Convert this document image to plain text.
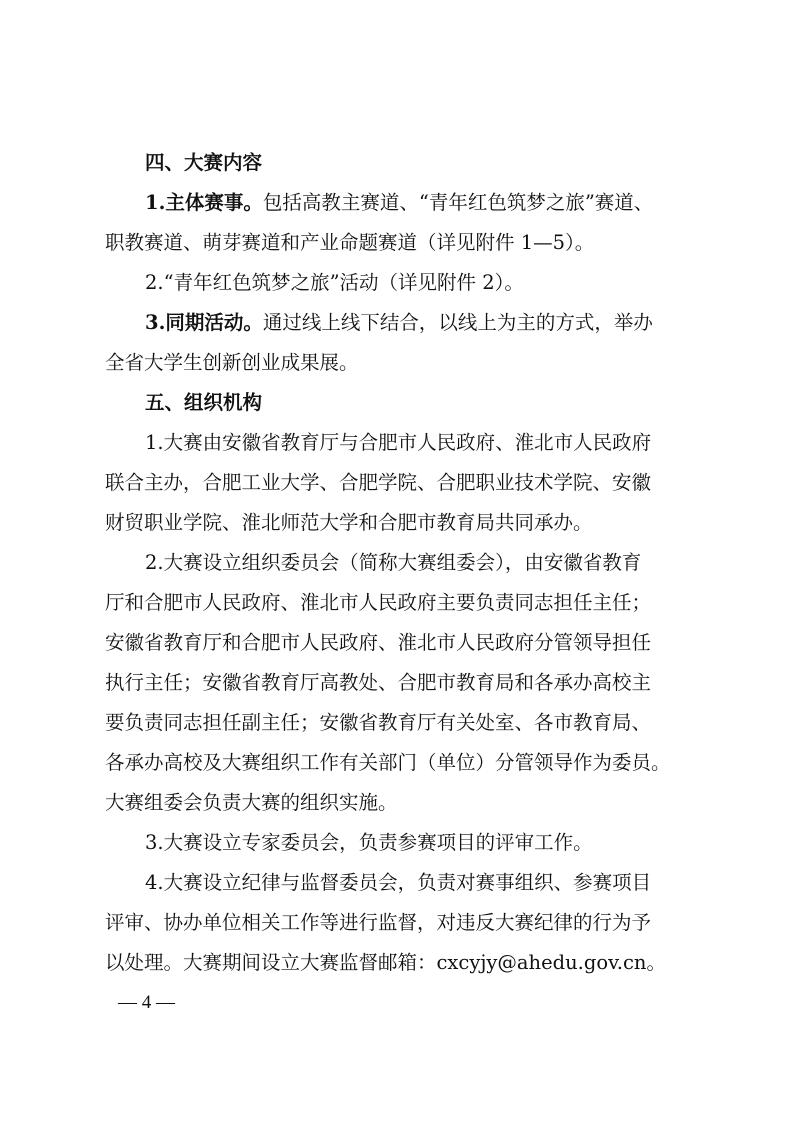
四、大赛内容
1.主体赛事。包括高教主赛道、“青年红色筑梦之旅”赛道、
职教赛道、萌芽赛道和产业命题赛道（详见附件 1—5）。
2.“青年红色筑梦之旅”活动（详见附件 2）。
3.同期活动。通过线上线下结合，以线上为主的方式，举办
全省大学生创新创业成果展。
五、组织机构
1.大赛由安徽省教育厅与合肥市人民政府、淮北市人民政府
联合主办，合肥工业大学、合肥学院、合肥职业技术学院、安徽
财贸职业学院、淮北师范大学和合肥市教育局共同承办。
2.大赛设立组织委员会（简称大赛组委会），由安徽省教育
厅和合肥市人民政府、淮北市人民政府主要负责同志担任主任；
安徽省教育厅和合肥市人民政府、淮北市人民政府分管领导担任
执行主任；安徽省教育厅高教处、合肥市教育局和各承办高校主
要负责同志担任副主任；安徽省教育厅有关处室、各市教育局、
各承办高校及大赛组织工作有关部门（单位）分管领导作为委员。
大赛组委会负责大赛的组织实施。
3.大赛设立专家委员会，负责参赛项目的评审工作。
4.大赛设立纪律与监督委员会，负责对赛事组织、参赛项目
评审、协办单位相关工作等进行监督，对违反大赛纪律的行为予
以处理。大赛期间设立大赛监督邮箱：cxcyjy@ahedu.gov.cn。
— 4 —
